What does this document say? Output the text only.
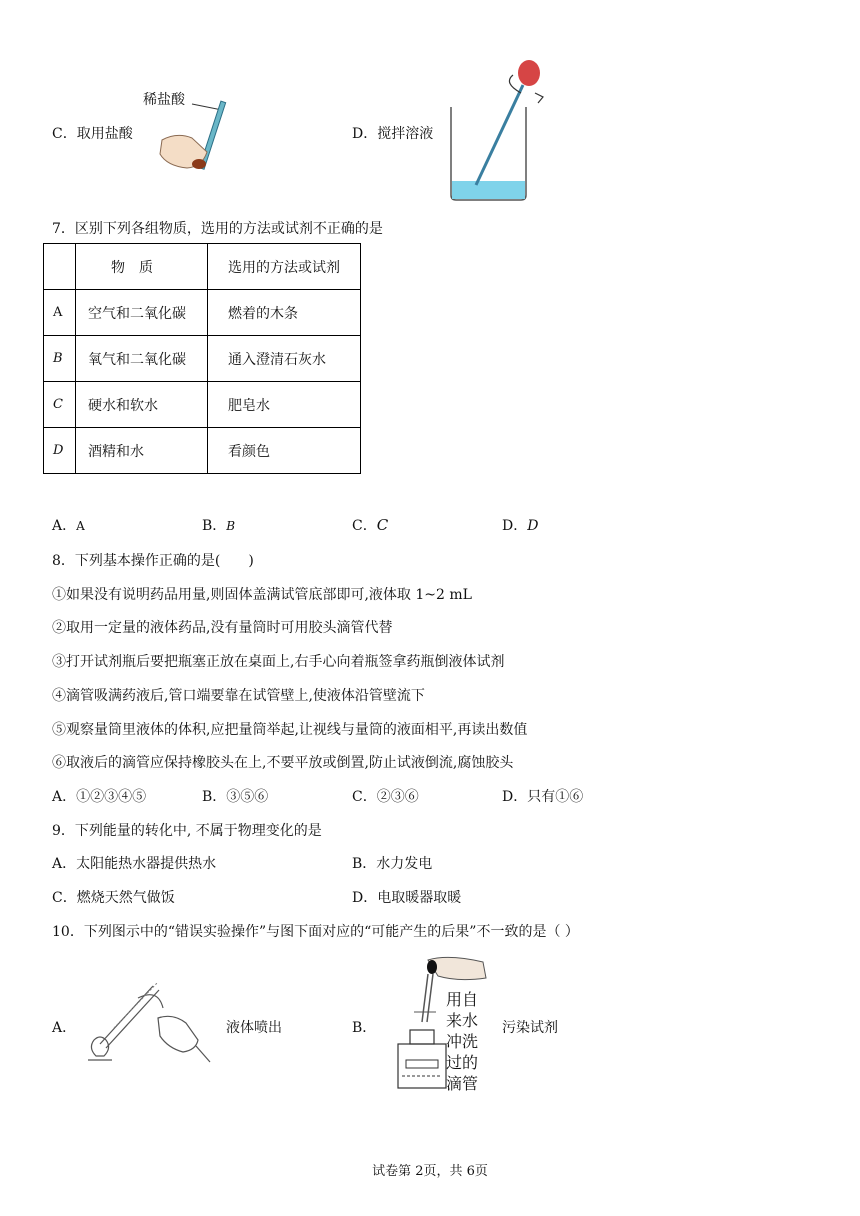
C．取用盐酸
稀盐酸
D．搅拌溶液
7．区别下列各组物质，选用的方法或试剂不正确的是
	物　质	选用的方法或试剂
A	空气和二氧化碳	燃着的木条
B	氧气和二氧化碳	通入澄清石灰水
C	硬水和软水	肥皂水
D	酒精和水	看颜色
A．A	B．B	C．C	D．D
8．下列基本操作正确的是(　　)
①如果没有说明药品用量,则固体盖满试管底部即可,液体取 1~2 mL
②取用一定量的液体药品,没有量筒时可用胶头滴管代替
③打开试剂瓶后要把瓶塞正放在桌面上,右手心向着瓶签拿药瓶倒液体试剂
④滴管吸满药液后,管口端要靠在试管壁上,使液体沿管壁流下
⑤观察量筒里液体的体积,应把量筒举起,让视线与量筒的液面相平,再读出数值
⑥取液后的滴管应保持橡胶头在上,不要平放或倒置,防止试液倒流,腐蚀胶头
A．①②③④⑤	B．③⑤⑥	C．②③⑥	D．只有①⑥
9．下列能量的转化中, 不属于物理变化的是
A．太阳能热水器提供热水	B．水力发电
C．燃烧天然气做饭	D．电取暖器取暖
10．下列图示中的“错误实验操作”与图下面对应的“可能产生的后果”不一致的是（ ）
A．	液体喷出	B．
用自
来水
冲洗
过的
滴管
污染试剂
试卷第 2页，共 6页
